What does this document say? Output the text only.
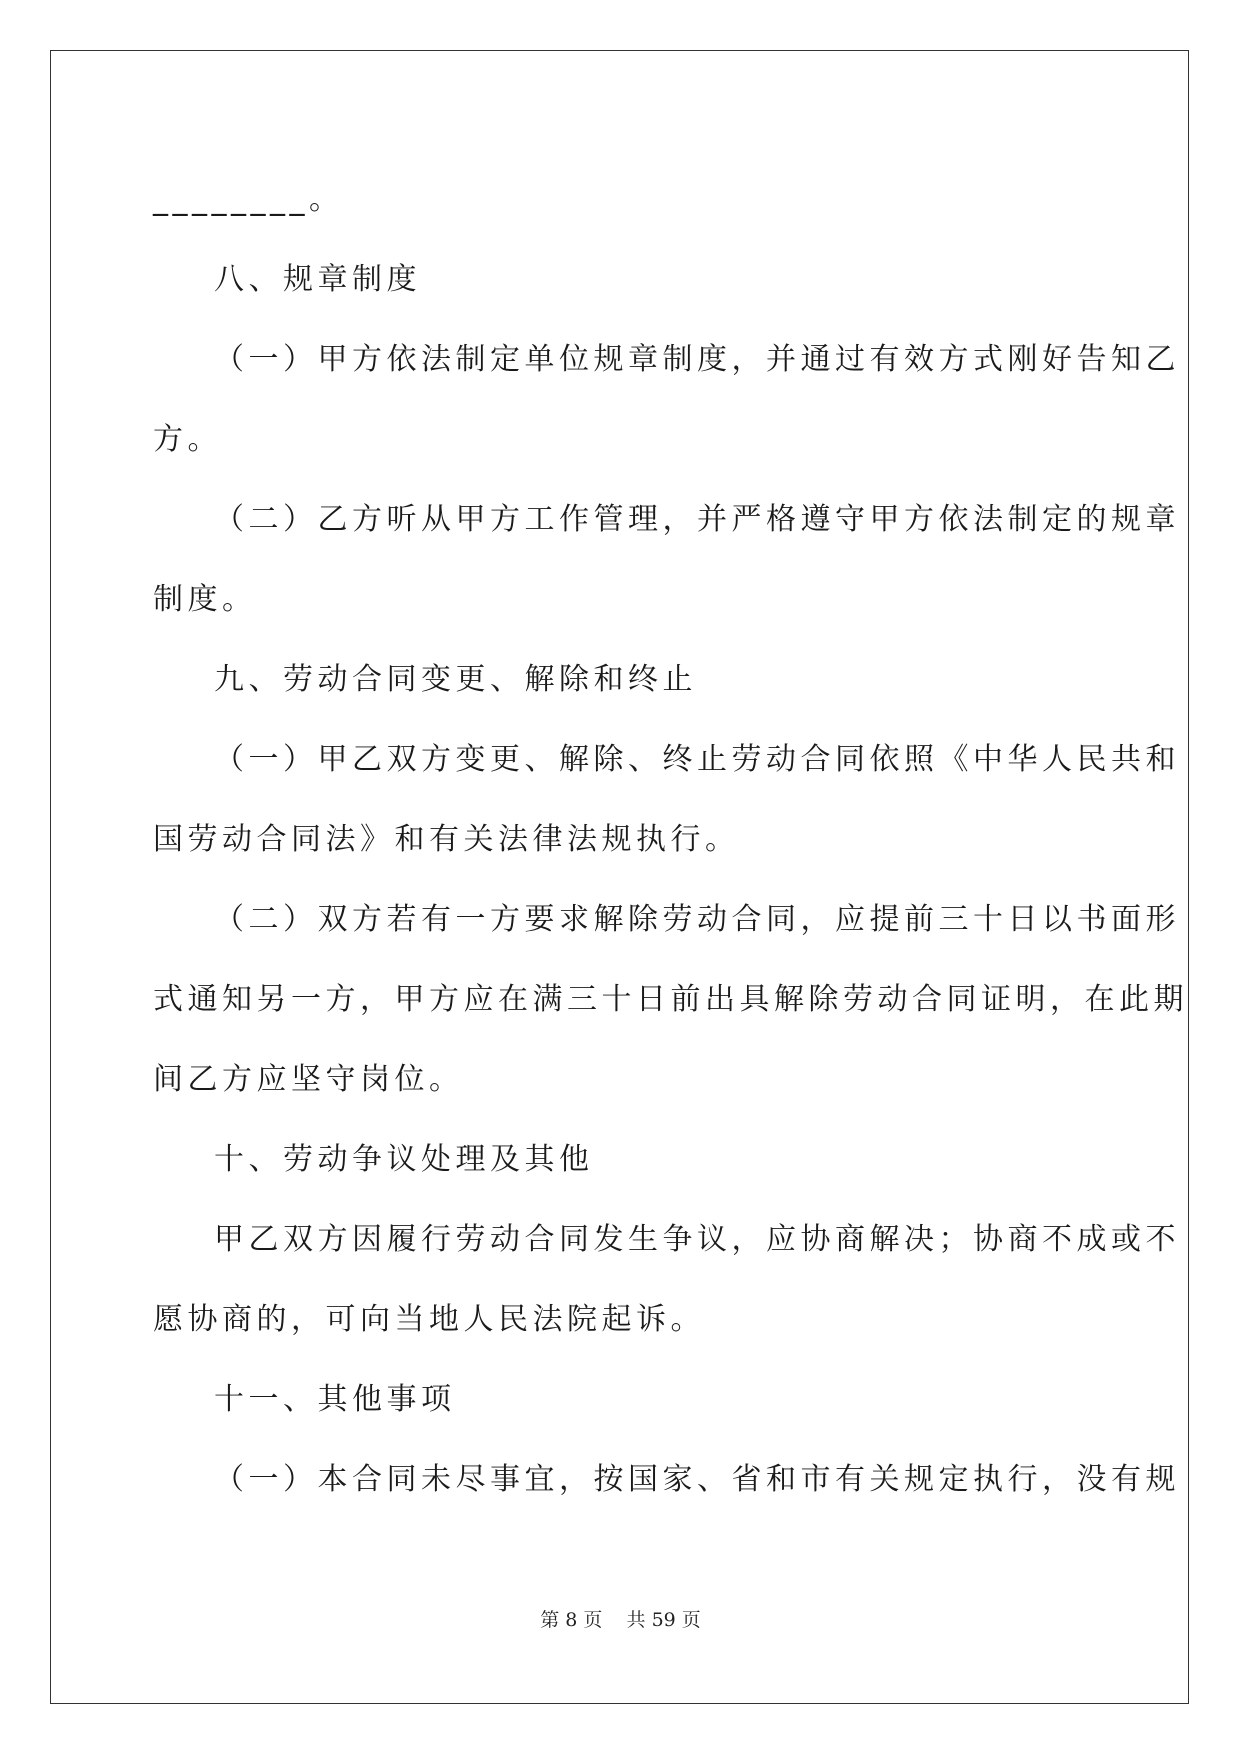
________。
八、规章制度
（一）甲方依法制定单位规章制度，并通过有效方式刚好告知乙
方。
（二）乙方听从甲方工作管理，并严格遵守甲方依法制定的规章
制度。
九、劳动合同变更、解除和终止
（一）甲乙双方变更、解除、终止劳动合同依照《中华人民共和
国劳动合同法》和有关法律法规执行。
（二）双方若有一方要求解除劳动合同，应提前三十日以书面形
式通知另一方，甲方应在满三十日前出具解除劳动合同证明，在此期
间乙方应坚守岗位。
十、劳动争议处理及其他
甲乙双方因履行劳动合同发生争议，应协商解决；协商不成或不
愿协商的，可向当地人民法院起诉。
十一、其他事项
（一）本合同未尽事宜，按国家、省和市有关规定执行，没有规
第 8 页    共 59 页
